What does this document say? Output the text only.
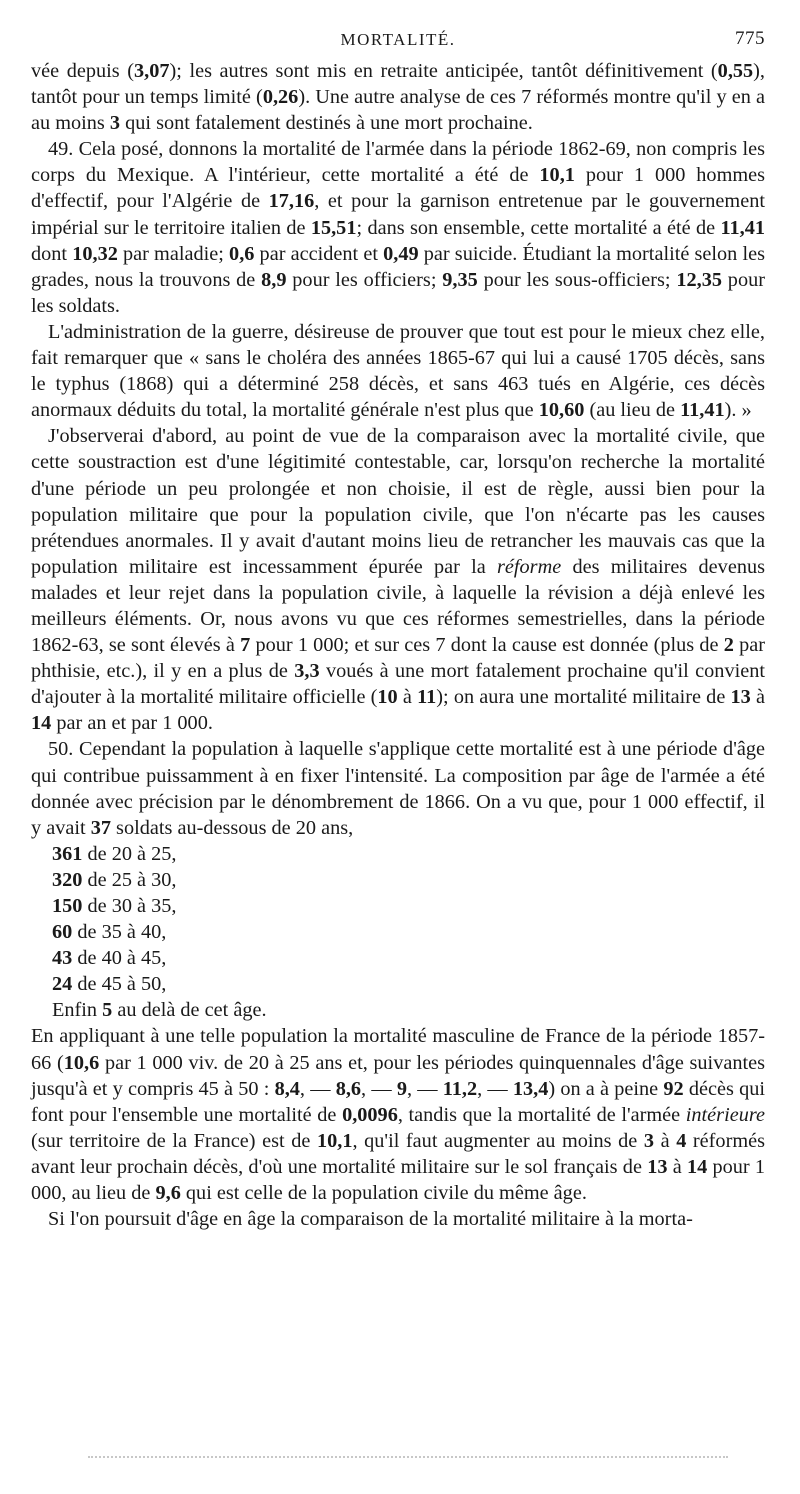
MORTALITÉ.	775

vée depuis (3,07); les autres sont mis en retraite anticipée, tantôt définitivement (0,55), tantôt pour un temps limité (0,26). Une autre analyse de ces 7 réformés montre qu'il y en a au moins 3 qui sont fatalement destinés à une mort prochaine.

49. Cela posé, donnons la mortalité de l'armée dans la période 1862-69, non compris les corps du Mexique. A l'intérieur, cette mortalité a été de 10,1 pour 1 000 hommes d'effectif, pour l'Algérie de 17,16, et pour la garnison entretenue par le gouvernement impérial sur le territoire italien de 15,51; dans son ensemble, cette mortalité a été de 11,41 dont 10,32 par maladie; 0,6 par accident et 0,49 par suicide. Étudiant la mortalité selon les grades, nous la trouvons de 8,9 pour les officiers; 9,35 pour les sous-officiers; 12,35 pour les soldats.

L'administration de la guerre, désireuse de prouver que tout est pour le mieux chez elle, fait remarquer que « sans le choléra des années 1865-67 qui lui a causé 1705 décès, sans le typhus (1868) qui a déterminé 258 décès, et sans 463 tués en Algérie, ces décès anormaux déduits du total, la mortalité générale n'est plus que 10,60 (au lieu de 11,41). »

J'observerai d'abord, au point de vue de la comparaison avec la mortalité civile, que cette soustraction est d'une légitimité contestable, car, lorsqu'on recherche la mortalité d'une période un peu prolongée et non choisie, il est de règle, aussi bien pour la population militaire que pour la population civile, que l'on n'écarte pas les causes prétendues anormales. Il y avait d'autant moins lieu de retrancher les mauvais cas que la population militaire est incessamment épurée par la réforme des militaires devenus malades et leur rejet dans la population civile, à laquelle la révision a déjà enlevé les meilleurs éléments. Or, nous avons vu que ces réformes semestrielles, dans la période 1862-63, se sont élevés à 7 pour 1 000; et sur ces 7 dont la cause est donnée (plus de 2 par phthisie, etc.), il y en a plus de 3,3 voués à une mort fatalement prochaine qu'il convient d'ajouter à la mortalité militaire officielle (10 à 11); on aura une mortalité militaire de 13 à 14 par an et par 1 000.

50. Cependant la population à laquelle s'applique cette mortalité est à une période d'âge qui contribue puissamment à en fixer l'intensité. La composition par âge de l'armée a été donnée avec précision par le dénombrement de 1866. On a vu que, pour 1 000 effectif, il y avait 37 soldats au-dessous de 20 ans,

361 de 20 à 25,
320 de 25 à 30,
150 de 30 à 35,
60 de 35 à 40,
43 de 40 à 45,
24 de 45 à 50,
Enfin 5 au delà de cet âge.

En appliquant à une telle population la mortalité masculine de France de la période 1857-66 (10,6 par 1 000 viv. de 20 à 25 ans et, pour les périodes quinquennales d'âge suivantes jusqu'à et y compris 45 à 50 : 8,4, — 8,6, — 9, — 11,2, — 13,4) on a à peine 92 décès qui font pour l'ensemble une mortalité de 0,0096, tandis que la mortalité de l'armée intérieure (sur territoire de la France) est de 10,1, qu'il faut augmenter au moins de 3 à 4 réformés avant leur prochain décès, d'où une mortalité militaire sur le sol français de 13 à 14 pour 1 000, au lieu de 9,6 qui est celle de la population civile du même âge.

Si l'on poursuit d'âge en âge la comparaison de la mortalité militaire à la morta-
